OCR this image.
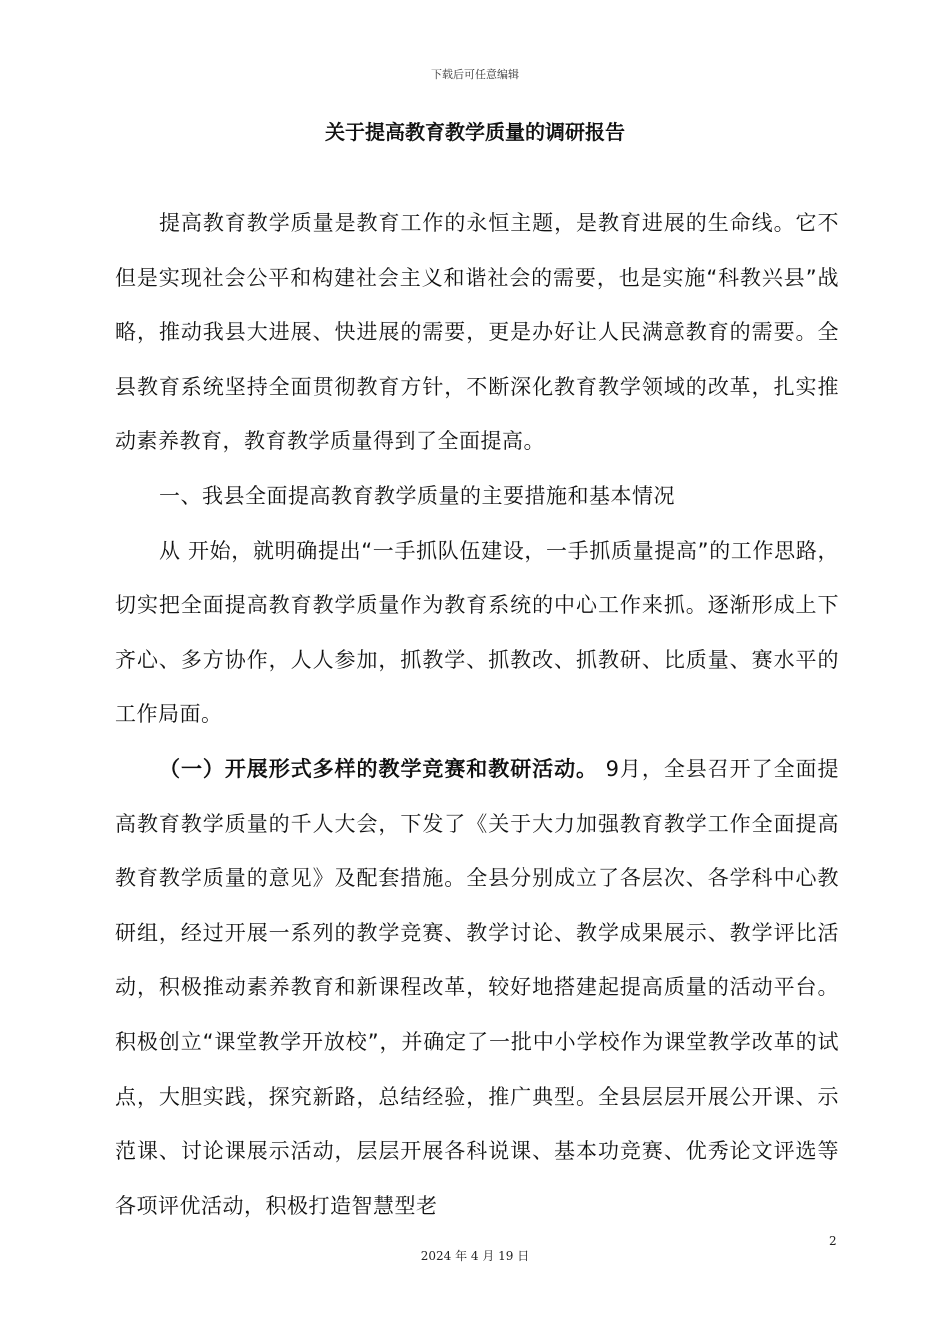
下载后可任意编辑
关于提高教育教学质量的调研报告

提高教育教学质量是教育工作的永恒主题，是教育进展的生命线。它不但是实现社会公平和构建社会主义和谐社会的需要，也是实施“科教兴县”战略，推动我县大进展、快进展的需要，更是办好让人民满意教育的需要。全县教育系统坚持全面贯彻教育方针，不断深化教育教学领域的改革，扎实推动素养教育，教育教学质量得到了全面提高。

一、我县全面提高教育教学质量的主要措施和基本情况

从 开始，就明确提出“一手抓队伍建设，一手抓质量提高”的工作思路，切实把全面提高教育教学质量作为教育系统的中心工作来抓。逐渐形成上下齐心、多方协作，人人参加，抓教学、抓教改、抓教研、比质量、赛水平的工作局面。

（一）开展形式多样的教学竞赛和教研活动。 9月，全县召开了全面提高教育教学质量的千人大会，下发了《关于大力加强教育教学工作全面提高教育教学质量的意见》及配套措施。全县分别成立了各层次、各学科中心教研组，经过开展一系列的教学竞赛、教学讨论、教学成果展示、教学评比活动，积极推动素养教育和新课程改革，较好地搭建起提高质量的活动平台。积极创立“课堂教学开放校”，并确定了一批中小学校作为课堂教学改革的试点，大胆实践，探究新路，总结经验，推广典型。全县层层开展公开课、示范课、讨论课展示活动，层层开展各科说课、基本功竞赛、优秀论文评选等各项评优活动，积极打造智慧型老

2
2024 年 4 月 19 日
